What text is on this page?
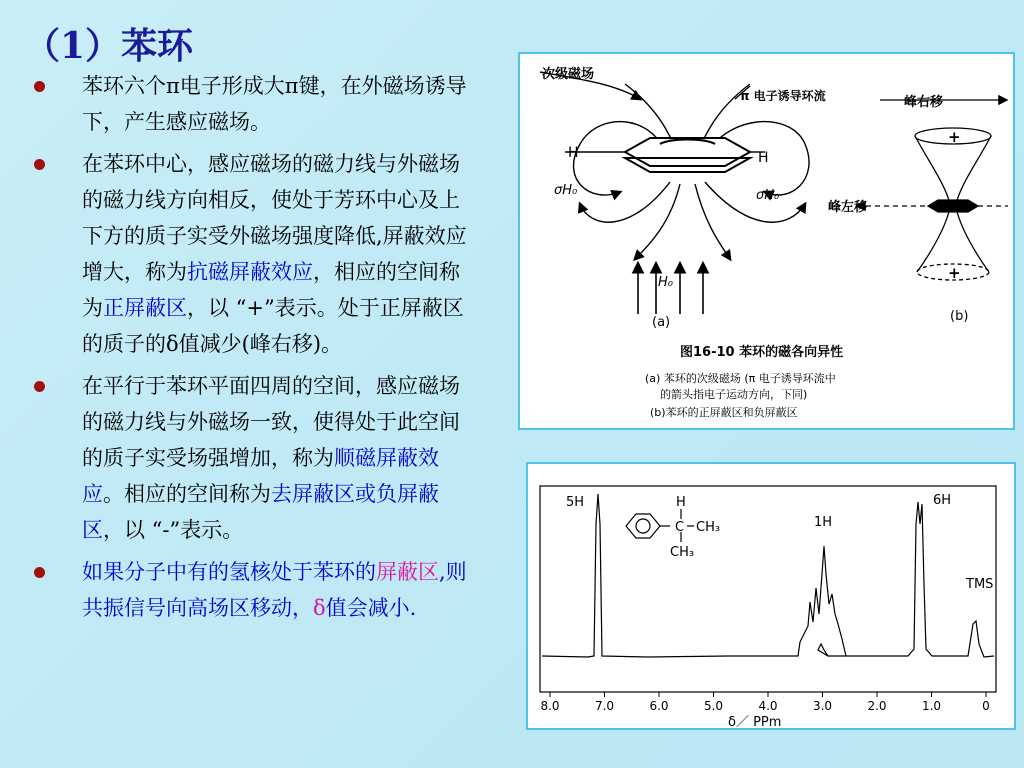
（1）苯环
苯环六个π电子形成大π键，在外磁场诱导下，产生感应磁场。
在苯环中心，感应磁场的磁力线与外磁场的磁力线方向相反，使处于芳环中心及上下方的质子实受外磁场强度降低,屏蔽效应增大，称为抗磁屏蔽效应，相应的空间称为正屏蔽区，以 “+”表示。处于正屏蔽区的质子的δ值减少(峰右移)。
在平行于苯环平面四周的空间，感应磁场的磁力线与外磁场一致，使得处于此空间的质子实受场强增加，称为顺磁屏蔽效应。相应的空间称为去屏蔽区或负屏蔽区，以 “-”表示。
如果分子中有的氢核处于苯环的屏蔽区,则共振信号向高场区移动，δ值会减小.
次级磁场
π 电子诱导环流
H	H
σH₀	σH₀
H₀
(a)
峰右移
峰左移
+
+
(b)
图16-10 苯环的磁各向异性
(a) 苯环的次级磁场 (π 电子诱导环流中
的箭头指电子运动方向，下同)
(b)苯环的正屏蔽区和负屏蔽区
H
C CH₃
CH₃
5H
1H
6H
TMS
8.0	7.0	6.0	5.0	4.0	3.0	2.0	1.0	0
δ／ PPm
